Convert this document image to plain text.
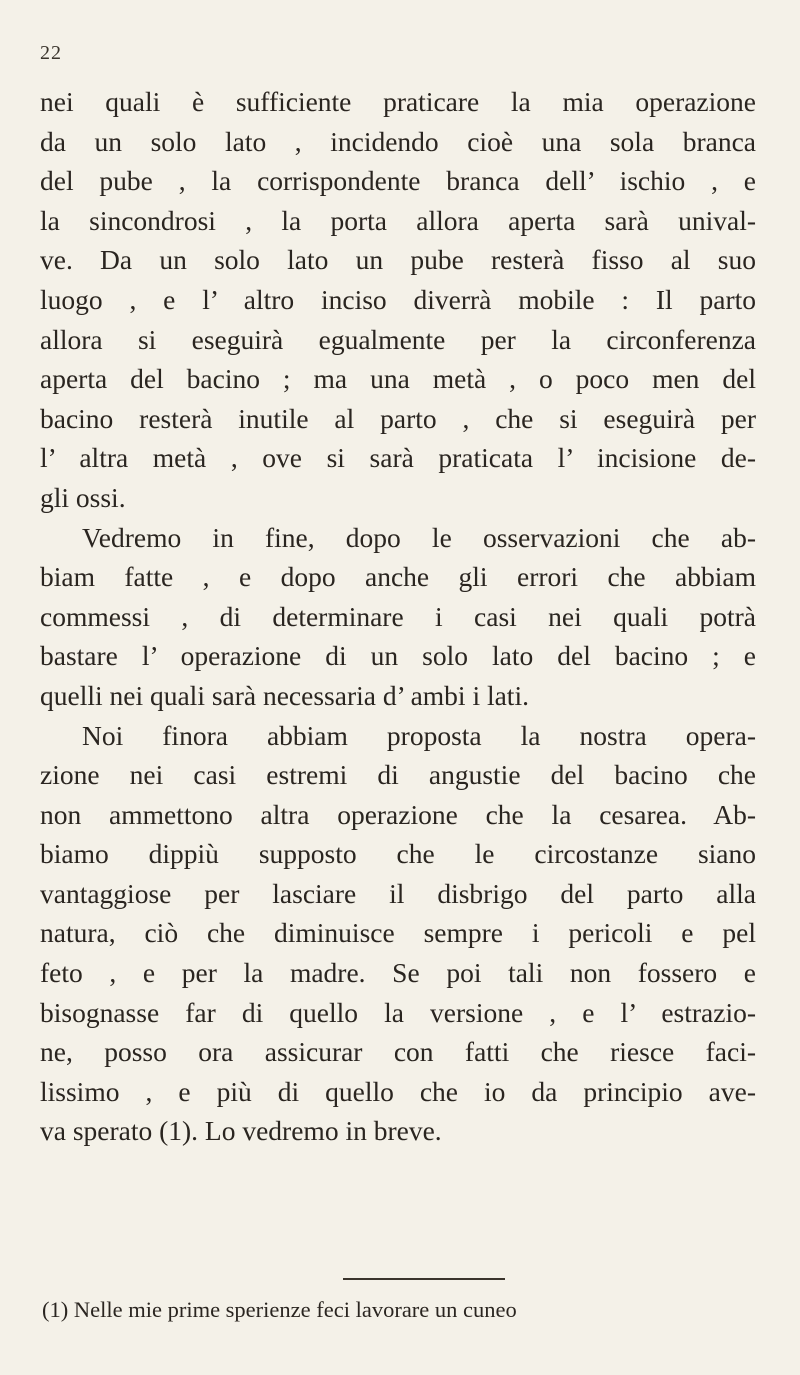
22
nei quali è sufficiente praticare la mia operazione
da un solo lato , incidendo cioè una sola branca
del pube , la corrispondente branca dell’ ischio , e
la sincondrosi , la porta allora aperta sarà unival-
ve. Da un solo lato un pube resterà fisso al suo
luogo , e l’ altro inciso diverrà mobile : Il parto
allora si eseguirà egualmente per la circonferenza
aperta del bacino ; ma una metà , o poco men del
bacino resterà inutile al parto , che si eseguirà per
l’ altra metà , ove si sarà praticata l’ incisione de-
gli ossi.
Vedremo in fine, dopo le osservazioni che ab-
biam fatte , e dopo anche gli errori che abbiam
commessi , di determinare i casi nei quali potrà
bastare l’ operazione di un solo lato del bacino ; e
quelli nei quali sarà necessaria d’ ambi i lati.
Noi finora abbiam proposta la nostra opera-
zione nei casi estremi di angustie del bacino che
non ammettono altra operazione che la cesarea. Ab-
biamo dippiù supposto che le circostanze siano
vantaggiose per lasciare il disbrigo del parto alla
natura, ciò che diminuisce sempre i pericoli e pel
feto , e per la madre. Se poi tali non fossero e
bisognasse far di quello la versione , e l’ estrazio-
ne, posso ora assicurar con fatti che riesce faci-
lissimo , e più di quello che io da principio ave-
va sperato (1). Lo vedremo in breve.
(1) Nelle mie prime sperienze feci lavorare un cuneo
